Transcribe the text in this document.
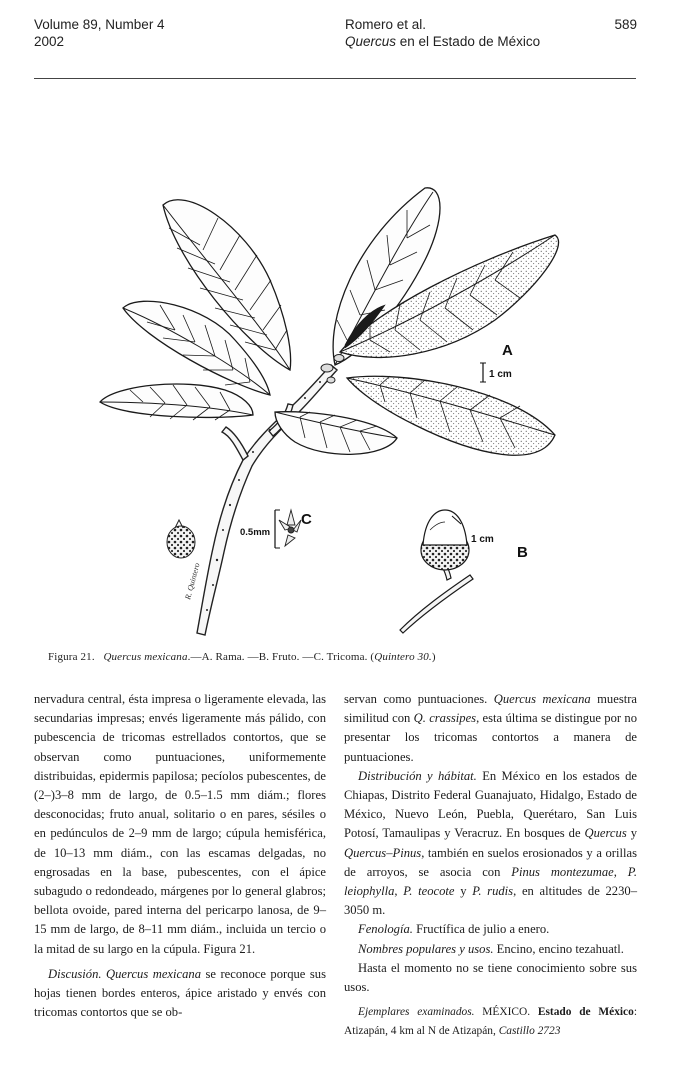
Volume 89, Number 4
2002
Romero et al.
Quercus en el Estado de México
589
R. Quintero
A
1 cm
0.5mm
C
1 cm
B
Figura 21. Quercus mexicana.—A. Rama. —B. Fruto. —C. Tricoma. (Quintero 30.)

nervadura central, ésta impresa o ligeramente elevada, las secundarias impresas; envés ligeramente más pálido, con pubescencia de tricomas estrellados contortos, que se observan como puntuaciones, uniformemente distribuidas, epidermis papilosa; pecíolos pubescentes, de (2–)3–8 mm de largo, de 0.5–1.5 mm diám.; flores desconocidas; fruto anual, solitario o en pares, sésiles o en pedúnculos de 2–9 mm de largo; cúpula hemisférica, de 10–13 mm diám., con las escamas delgadas, no engrosadas en la base, pubescentes, con el ápice subagudo o redondeado, márgenes por lo general glabros; bellota ovoide, pared interna del pericarpo lanosa, de 9–15 mm de largo, de 8–11 mm diám., incluida un tercio o la mitad de su largo en la cúpula. Figura 21.

Discusión. Quercus mexicana se reconoce porque sus hojas tienen bordes enteros, ápice aristado y envés con tricomas contortos que se ob-

servan como puntuaciones. Quercus mexicana muestra similitud con Q. crassipes, esta última se distingue por no presentar los tricomas contortos a manera de puntuaciones.

Distribución y hábitat. En México en los estados de Chiapas, Distrito Federal Guanajuato, Hidalgo, Estado de México, Nuevo León, Puebla, Querétaro, San Luis Potosí, Tamaulipas y Veracruz. En bosques de Quercus y Quercus–Pinus, también en suelos erosionados y a orillas de arroyos, se asocia con Pinus montezumae, P. leiophylla, P. teocote y P. rudis, en altitudes de 2230–3050 m.

Fenología. Fructífica de julio a enero.

Nombres populares y usos. Encino, encino tezahuatl.

Hasta el momento no se tiene conocimiento sobre sus usos.

Ejemplares examinados. MÉXICO. Estado de México: Atizapán, 4 km al N de Atizapán, Castillo 2723
